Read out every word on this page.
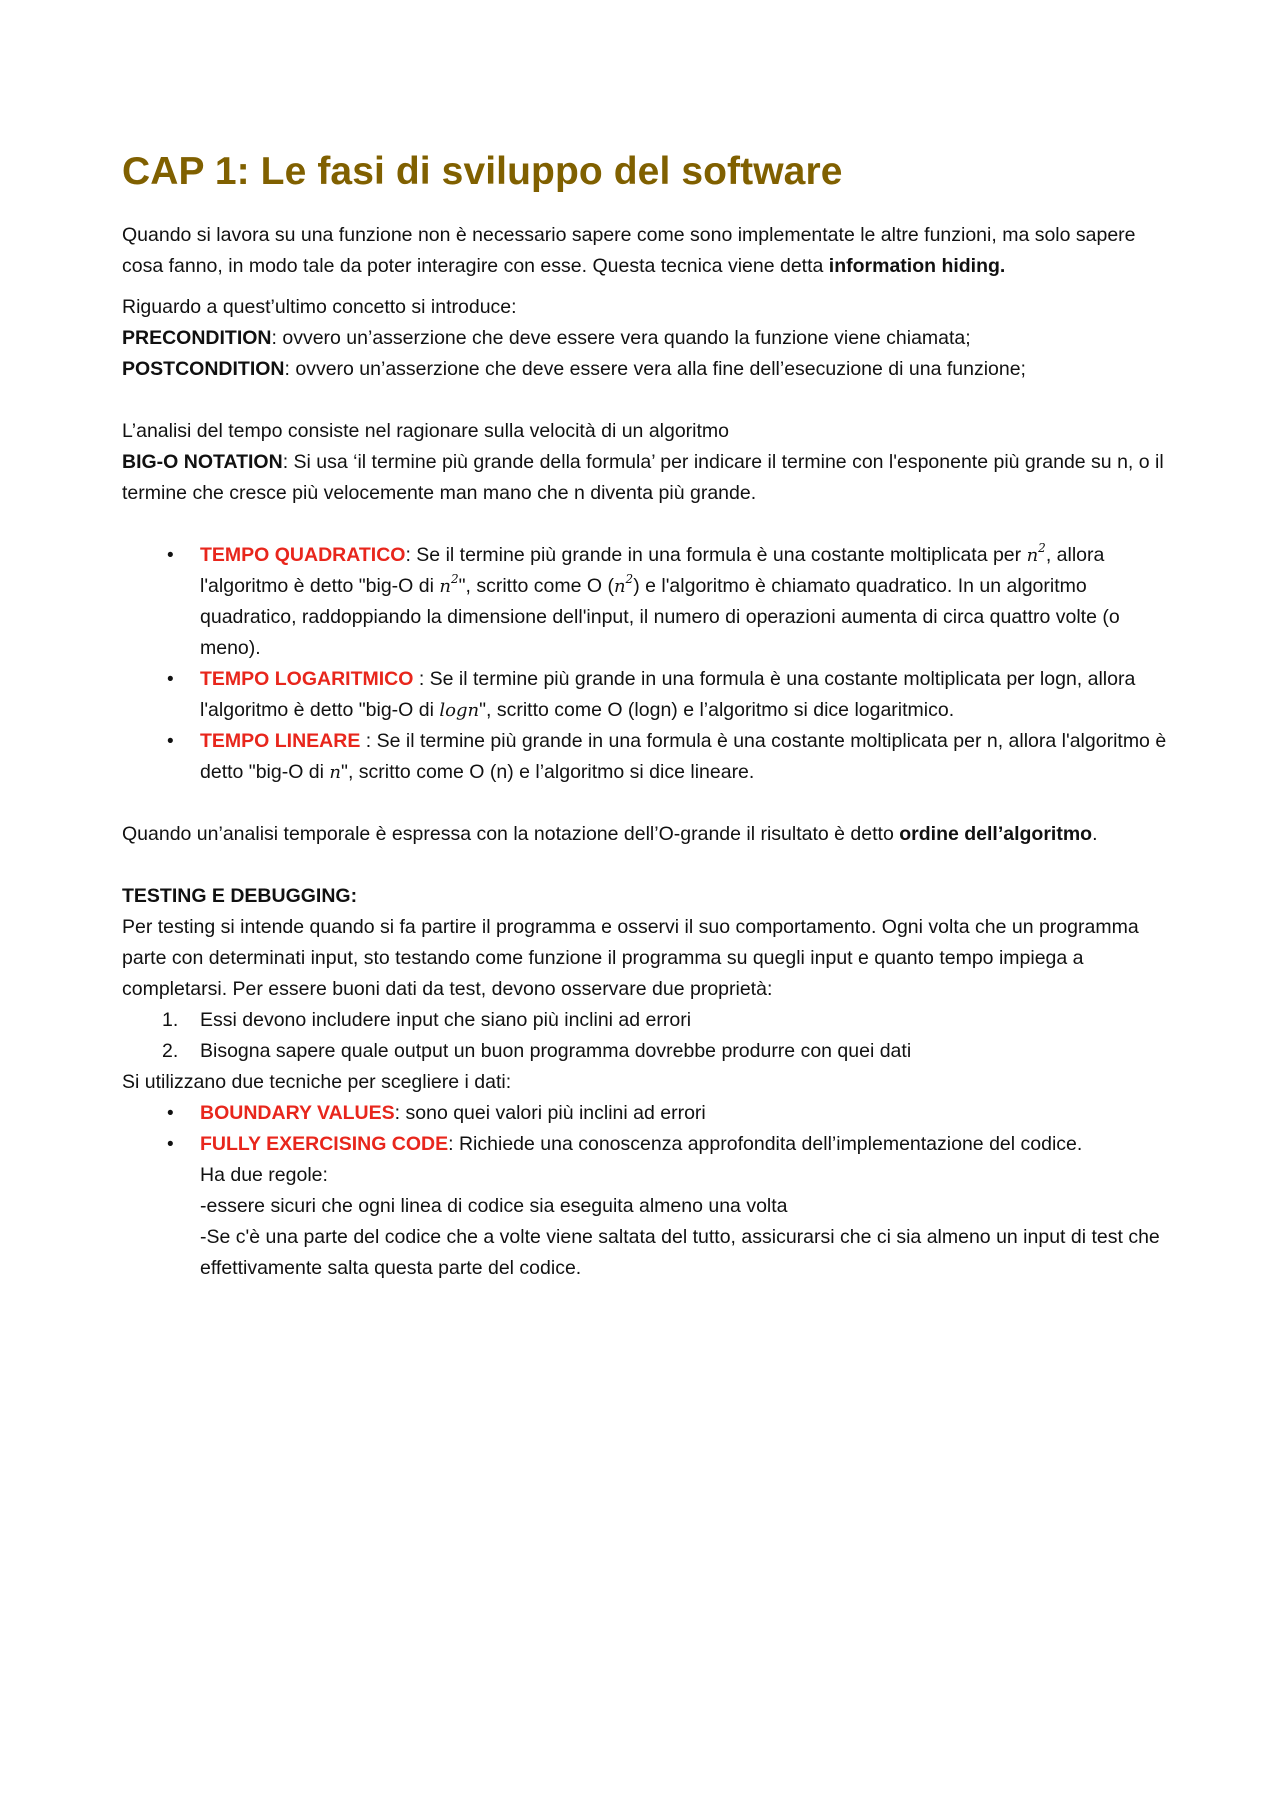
CAP 1: Le fasi di sviluppo del software

Quando si lavora su una funzione non è necessario sapere come sono implementate le altre funzioni, ma solo sapere cosa fanno, in modo tale da poter interagire con esse. Questa tecnica viene detta information hiding.

Riguardo a quest’ultimo concetto si introduce:

PRECONDITION: ovvero un’asserzione che deve essere vera quando la funzione viene chiamata;

POSTCONDITION: ovvero un’asserzione che deve essere vera alla fine dell’esecuzione di una funzione;

L’analisi del tempo consiste nel ragionare sulla velocità di un algoritmo

BIG-O NOTATION: Si usa ‘il termine più grande della formula’ per indicare il termine con l'esponente più grande su n, o il termine che cresce più velocemente man mano che n diventa più grande.

• TEMPO QUADRATICO: Se il termine più grande in una formula è una costante moltiplicata per $n^2$, allora l'algoritmo è detto "big-O di $n^2$", scritto come O $(n^2)$ e l'algoritmo è chiamato quadratico. In un algoritmo quadratico, raddoppiando la dimensione dell'input, il numero di operazioni aumenta di circa quattro volte (o meno).
• TEMPO LOGARITMICO : Se il termine più grande in una formula è una costante moltiplicata per logn, allora l'algoritmo è detto "big-O di logn", scritto come O (logn) e l’algoritmo si dice logaritmico.
• TEMPO LINEARE : Se il termine più grande in una formula è una costante moltiplicata per n, allora l'algoritmo è detto "big-O di n", scritto come O (n) e l’algoritmo si dice lineare.

Quando un’analisi temporale è espressa con la notazione dell’O-grande il risultato è detto ordine dell’algoritmo.

TESTING E DEBUGGING:

Per testing si intende quando si fa partire il programma e osservi il suo comportamento. Ogni volta che un programma parte con determinati input, sto testando come funzione il programma su quegli input e quanto tempo impiega a completarsi. Per essere buoni dati da test, devono osservare due proprietà:

1. Essi devono includere input che siano più inclini ad errori
2. Bisogna sapere quale output un buon programma dovrebbe produrre con quei dati

Si utilizzano due tecniche per scegliere i dati:

• BOUNDARY VALUES: sono quei valori più inclini ad errori
• FULLY EXERCISING CODE: Richiede una conoscenza approfondita dell’implementazione del codice.
Ha due regole:
-essere sicuri che ogni linea di codice sia eseguita almeno una volta
-Se c'è una parte del codice che a volte viene saltata del tutto, assicurarsi che ci sia almeno un input di test che effettivamente salta questa parte del codice.
